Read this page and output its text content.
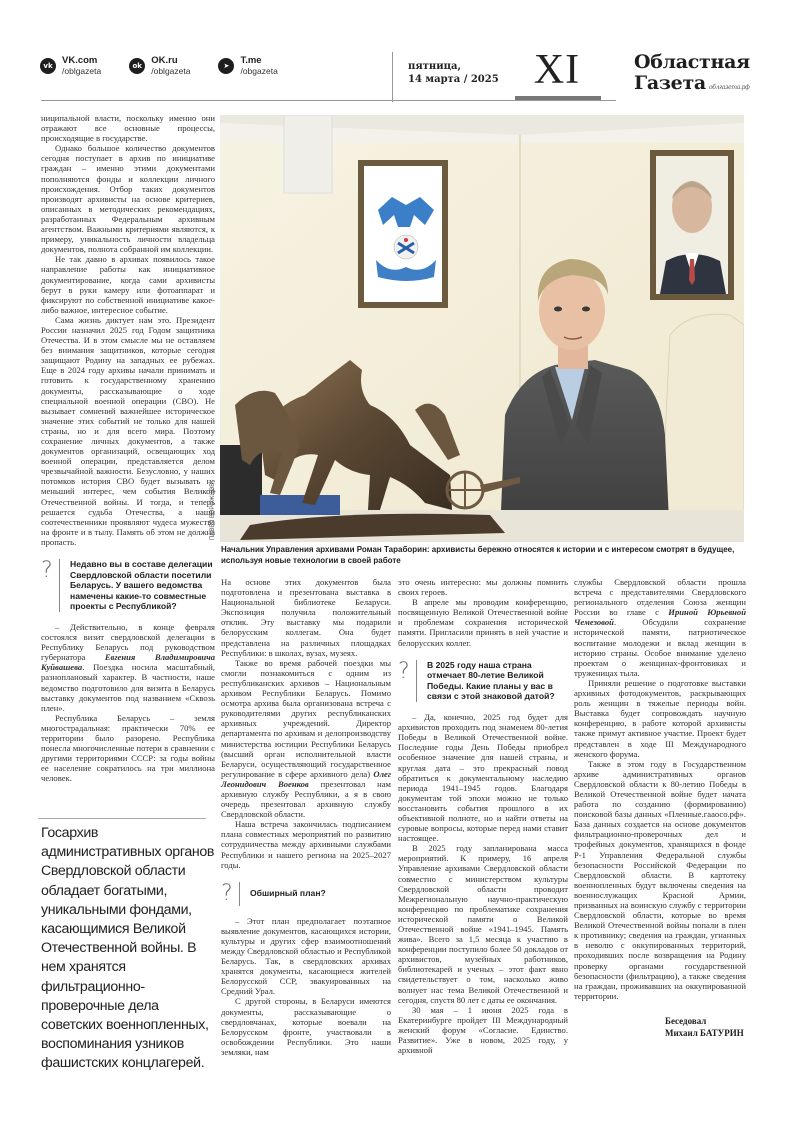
vk VK.com
/oblgazeta	ok OK.ru
/oblgazeta	➤	T.me
/obgazeta	пятница,
14 марта / 2025 XI	Областная
Газета облгазета.рф

ниципальной власти, поскольку именно они отражают все основные процессы, происходящие в государстве.

Однако большое количество документов сегодня поступает в архив по инициативе граждан – именно этими документами пополняются фонды и коллекции личного происхождения. Отбор таких документов производят архивисты на основе критериев, описанных в методических рекомендациях, разработанных Федеральным архивным агентством. Важными критериями являются, к примеру, уникальность личности владельца документов, полнота собранной им коллекции.

Не так давно в архивах появилось такое направление работы как инициативное документирование, когда сами архивисты берут в руки камеру или фотоаппарат и фиксируют по собственной инициативе какое-либо важное, интересное событие.

Сама жизнь диктует нам это. Президент России назначил 2025 год Годом защитника Отечества. И в этом смысле мы не оставляем без внимания защитников, которые сегодня защищают Родину на западных ее рубежах. Еще в 2024 году архивы начали принимать и готовить к государственному хранению документы, рассказывающие о ходе специальной военной операции (СВО). Не вызывает сомнений важнейшее историческое значение этих событий не только для нашей страны, но и для всего мира. Поэтому сохранение личных документов, а также документов организаций, освещающих ход военной операции, представляется делом чрезвычайной важности. Безусловно, у наших потомков история СВО будет вызывать не меньший интерес, чем события Великой Отечественной войны. И тогда, и теперь решается судьба Отечества, а наши соотечественники проявляют чудеса мужества на фронте и в тылу. Память об этом не должна пропасть.

?	Недавно вы в составе делегации Свердловской области посетили Беларусь. У вашего ведомства намечены какие-то совместные проекты с Республикой?

– Действительно, в конце февраля состоялся визит свердловской делегации в Республику Беларусь под руководством губернатора Евгения Владимировича Куйвашева. Поездка носила масштабный, разноплановый характер. В частности, наше ведомство подготовило для визита в Беларусь выставку документов под названием «Сквозь плен».

Республика Беларусь – земля многострадальная: практически 70% ее территории было разорено. Республика понесла многочисленные потери в сравнении с другими территориями СССР: за годы войны ее население сократилось на три миллиона человек.

ПАВЕЛ ВОРОЖЦОВ
Начальник Управления архивами Роман Тараборин: архивисты бережно относятся к истории и с интересом смотрят в будущее, используя новые технологии в своей работе
Госархив административных органов Свердловской области обладает богатыми, уникальными фондами, касающимися Великой Отечественной войны. В нем хранятся фильтрационно-проверочные дела советских военнопленных, воспоминания узников фашистских концлагерей.

На основе этих документов была подготовлена и презентована выставка в Национальной библиотеке Беларуси. Экспозиция получила положительный отклик. Эту выставку мы подарили белорусским коллегам. Она будет представлена на различных площадках Республики: в школах, вузах, музеях.

Также во время рабочей поездки мы смогли познакомиться с одним из республиканских архивов – Национальным архивом Республики Беларусь. Помимо осмотра архива была организована встреча с руководителями других республиканских архивных учреждений. Директор департамента по архивам и делопроизводству министерства юстиции Республики Беларусь (высший орган исполнительной власти Беларуси, осуществляющий государственное регулирование в сфере архивного дела) Олег Леонидович Военков презентовал нам архивную службу Республики, а я в свою очередь презентовал архивную службу Свердловской области.

Наша встреча закончилась подписанием плана совместных мероприятий по развитию сотрудничества между архивными службами Республики и нашего региона на 2025–2027 годы.

?	Обширный план?

– Этот план предполагает поэтапное выявление документов, касающихся истории, культуры и других сфер взаимоотношений между Свердловской областью и Республикой Беларусь. Так, в свердловских архивах хранятся документы, касающиеся жителей Белорусской ССР, эвакуированных на Средний Урал.

С другой стороны, в Беларуси имеются документы, рассказывающие о свердловчанах, которые воевали на Белорусском фронте, участвовали в освобождении Республики. Это наши земляки, нам

это очень интересно: мы должны помнить своих героев.

В апреле мы проводим конференцию, посвященную Великой Отечественной войне и проблемам сохранения исторической памяти. Пригласили принять в ней участие и белорусских коллег.

?	В 2025 году наша страна отмечает 80-летие Великой Победы. Какие планы у вас в связи с этой знаковой датой?

– Да, конечно, 2025 год будет для архивистов проходить под знаменем 80-летия Победы в Великой Отечественной войне. Последние годы День Победы приобрел особенное значение для нашей страны, и круглая дата – это прекрасный повод обратиться к документальному наследию периода 1941–1945 годов. Благодаря документам той эпохи можно не только восстановить события прошлого в их объективной полноте, но и найти ответы на суровые вопросы, которые перед нами ставит настоящее.

В 2025 году запланирована масса мероприятий. К примеру, 16 апреля Управление архивами Свердловской области совместно с министерством культуры Свердловской области проводит Межрегиональную научно-практическую конференцию по проблематике сохранения исторической памяти о Великой Отечественной войне «1941–1945. Память жива». Всего за 1,5 месяца к участию в конференции поступило более 50 докладов от архивистов, музейных работников, библиотекарей и ученых – этот факт явно свидетельствует о том, насколько живо волнует нас тема Великой Отечественной и сегодня, спустя 80 лет с даты ее окончания.

30 мая – 1 июня 2025 года в Екатеринбурге пройдет III Международный женский форум «Согласие. Единство. Развитие». Уже в новом, 2025 году, у архивной

службы Свердловской области прошла встреча с представителями Свердловского регионального отделения Союза женщин России во главе с Ириной Юрьевной Чемезовой. Обсудили сохранение исторической памяти, патриотическое воспитание молодежи и вклад женщин в историю страны. Особое внимание уделено проектам о женщинах-фронтовиках и труженицах тыла.

Приняли решение о подготовке выставки архивных фотодокументов, раскрывающих роль женщин в тяжелые периоды войн. Выставка будет сопровождать научную конференцию, в работе которой архивисты также примут активное участие. Проект будет представлен в ходе III Международного женского форума.

Также в этом году в Государственном архиве административных органов Свердловской области к 80-летию Победы в Великой Отечественной войне будет начата работа по созданию (формированию) поисковой базы данных «Пленные.гааосо.рф». База данных создается на основе документов фильтрационно-проверочных дел и трофейных документов, хранящихся в фонде Р-1 Управления Федеральной службы безопасности Российской Федерации по Свердловской области. В картотеку военнопленных будут включены сведения на военнослужащих Красной Армии, призванных на воинскую службу с территории Свердловской области, которые во время Великой Отечественной войны попали в плен к противнику; сведения на граждан, угнанных в неволю с оккупированных территорий, проходивших после возвращения на Родину проверку органами государственной безопасности (фильтрацию), а также сведения на граждан, проживавших на оккупированной территории.

Беседовал
Михаил БАТУРИН
